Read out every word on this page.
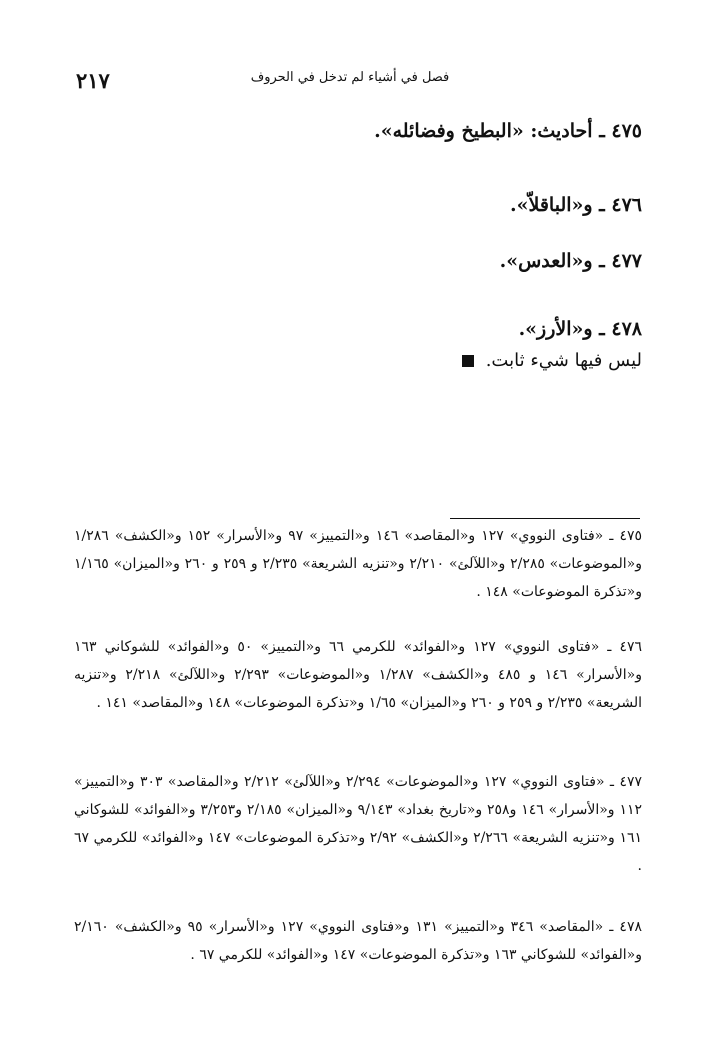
٢١٧	فصل في أشياء لم تدخل في الحروف
٤٧٥ ـ أحاديث: «البطيخ وفضائله».
٤٧٦ ـ و«الباقلاّ».
٤٧٧ ـ و«العدس».
٤٧٨ ـ و«الأرز».
ليس فيها شيء ثابت.
٤٧٥ ـ «فتاوى النووي» ١٢٧ و«المقاصد» ١٤٦ و«التمييز» ٩٧ و«الأسرار» ١٥٢ و«الكشف» ١/٢٨٦ و«الموضوعات» ٢/٢٨٥ و«اللآلئ» ٢/٢١٠ و«تنزيه الشريعة» ٢/٢٣٥ و ٢٥٩ و ٢٦٠ و«الميزان» ١/١٦٥ و«تذكرة الموضوعات» ١٤٨ .
٤٧٦ ـ «فتاوى النووي» ١٢٧ و«الفوائد» للكرمي ٦٦ و«التمييز» ٥٠ و«الفوائد» للشوكاني ١٦٣ و«الأسرار» ١٤٦ و ٤٨٥ و«الكشف» ١/٢٨٧ و«الموضوعات» ٢/٢٩٣ و«اللآلئ» ٢/٢١٨ و«تنزيه الشريعة» ٢/٢٣٥ و ٢٥٩ و ٢٦٠ و«الميزان» ١/٦٥ و«تذكرة الموضوعات» ١٤٨ و«المقاصد» ١٤١ .
٤٧٧ ـ «فتاوى النووي» ١٢٧ و«الموضوعات» ٢/٢٩٤ و«اللآلئ» ٢/٢١٢ و«المقاصد» ٣٠٣ و«التمييز» ١١٢ و«الأسرار» ١٤٦ و٢٥٨ و«تاريخ بغداد» ٩/١٤٣ و«الميزان» ٢/١٨٥ و٣/٢٥٣ و«الفوائد» للشوكاني ١٦١ و«تنزيه الشريعة» ٢/٢٦٦ و«الكشف» ٢/٩٢ و«تذكرة الموضوعات» ١٤٧ و«الفوائد» للكرمي ٦٧ .
٤٧٨ ـ «المقاصد» ٣٤٦ و«التمييز» ١٣١ و«فتاوى النووي» ١٢٧ و«الأسرار» ٩٥ و«الكشف» ٢/١٦٠ و«الفوائد» للشوكاني ١٦٣ و«تذكرة الموضوعات» ١٤٧ و«الفوائد» للكرمي ٦٧ .
